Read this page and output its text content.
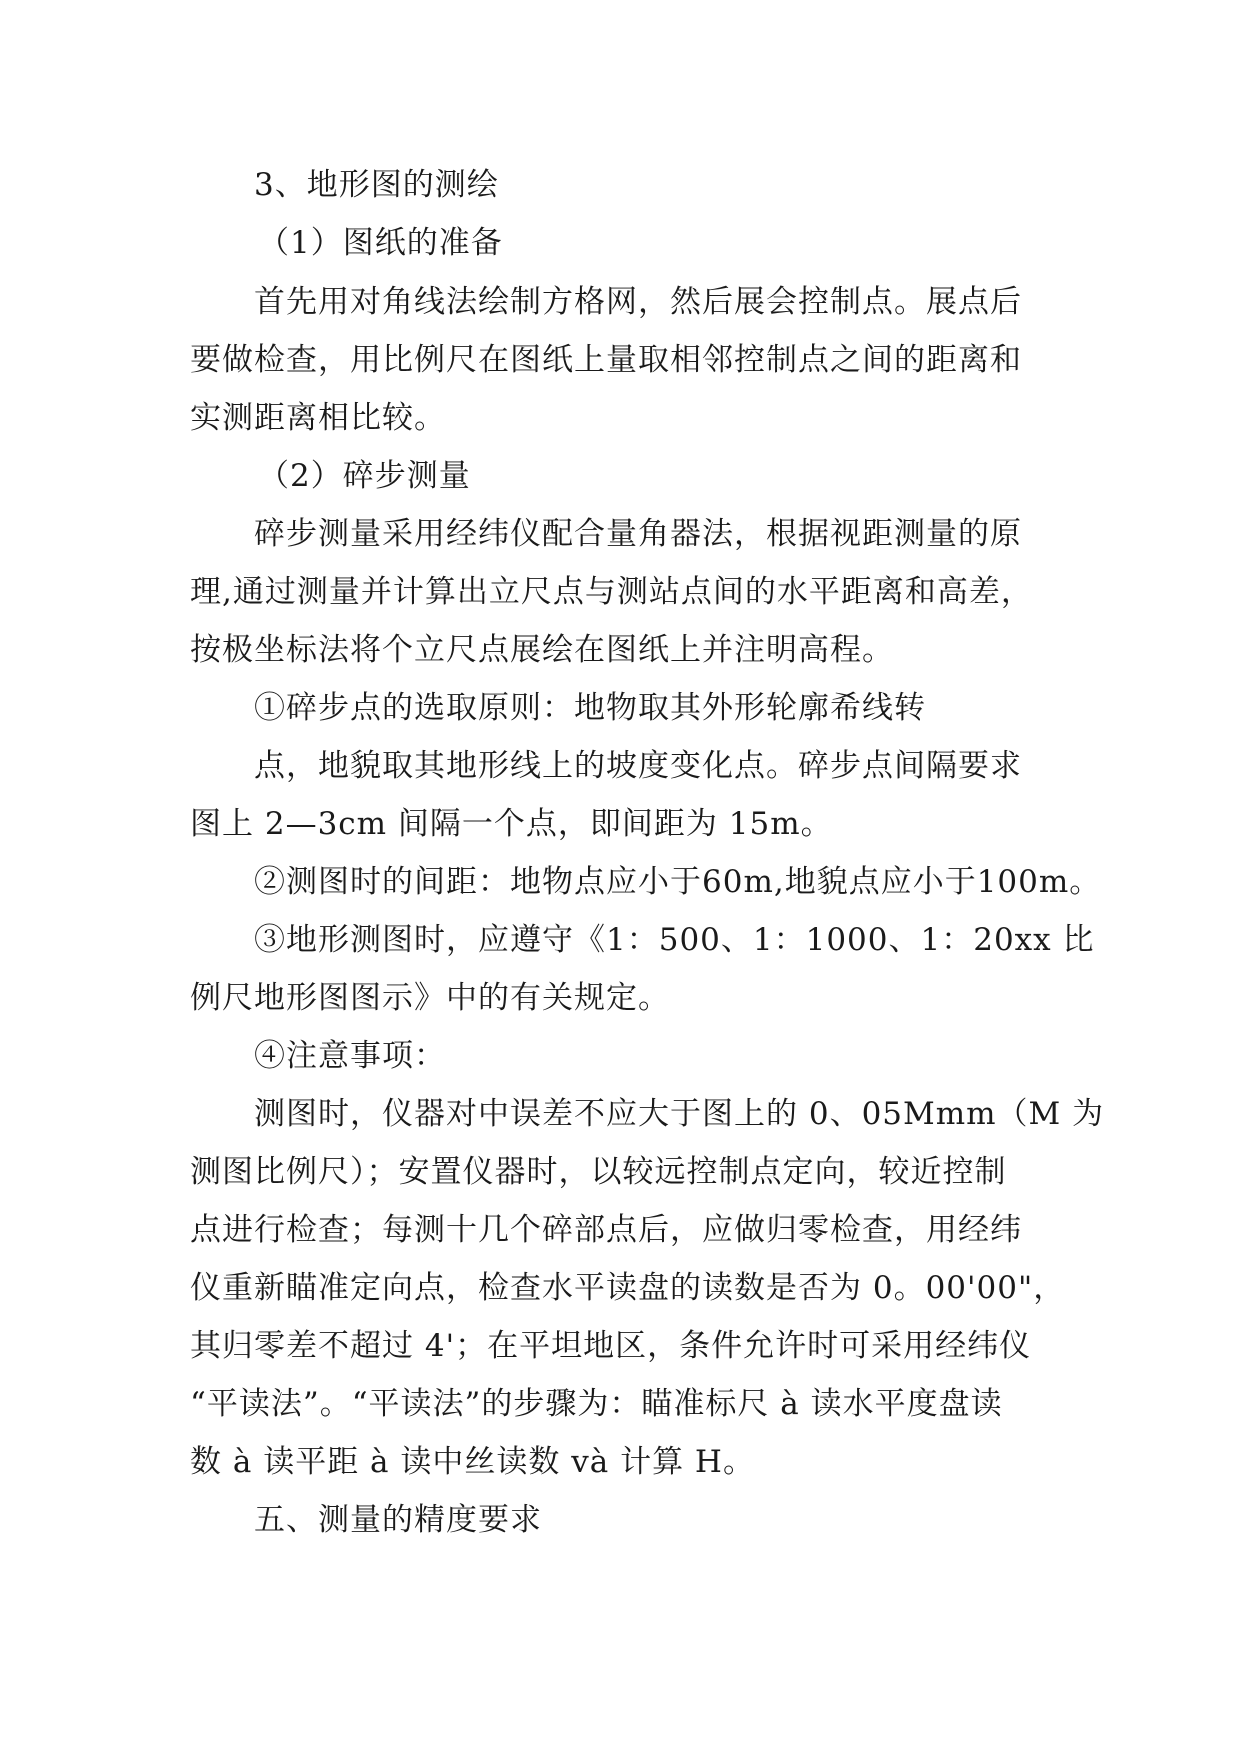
3、地形图的测绘
（1）图纸的准备
首先用对角线法绘制方格网，然后展会控制点。展点后
要做检查，用比例尺在图纸上量取相邻控制点之间的距离和
实测距离相比较。
（2）碎步测量
碎步测量采用经纬仪配合量角器法，根据视距测量的原
理,通过测量并计算出立尺点与测站点间的水平距离和高差，
按极坐标法将个立尺点展绘在图纸上并注明高程。
①碎步点的选取原则：地物取其外形轮廓希线转
点，地貌取其地形线上的坡度变化点。碎步点间隔要求
图上 2—3cm 间隔一个点，即间距为 15m。
②测图时的间距：地物点应小于60m,地貌点应小于100m。
③地形测图时，应遵守《1：500、1：1000、1：20xx 比
例尺地形图图示》中的有关规定。
④注意事项：
测图时，仪器对中误差不应大于图上的 0、05Mmm（M 为
测图比例尺）；安置仪器时，以较远控制点定向，较近控制
点进行检查；每测十几个碎部点后，应做归零检查，用经纬
仪重新瞄准定向点，检查水平读盘的读数是否为 0。00'00"，
其归零差不超过 4'；在平坦地区，条件允许时可采用经纬仪
“平读法”。“平读法”的步骤为：瞄准标尺 à 读水平度盘读
数 à 读平距 à 读中丝读数 và 计算 H。
五、测量的精度要求
